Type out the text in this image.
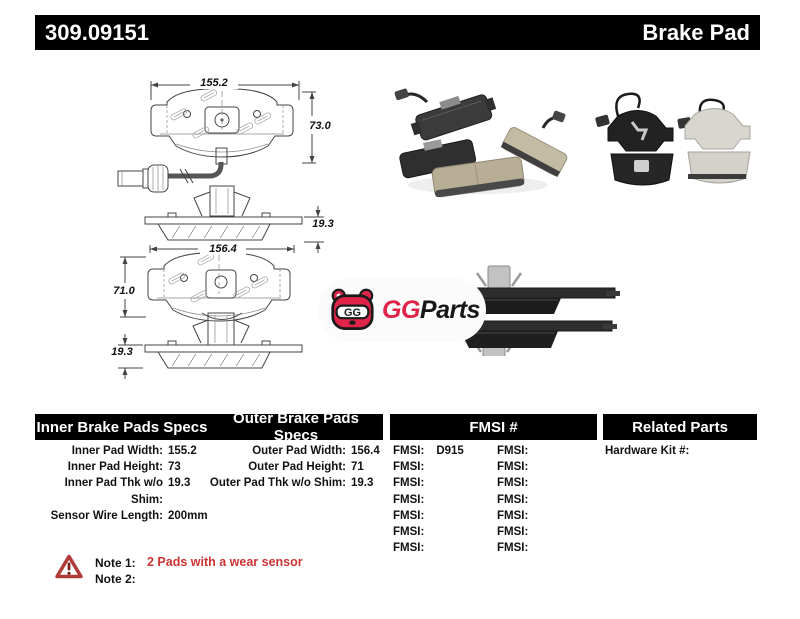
309.09151	Brake Pad
155.2
73.0
19.3
156.4
71.0
19.3
GG GG Parts
Inner Brake Pads Specs	Outer Brake Pads Specs	FMSI #	Related Parts
Inner Pad Width: 155.2
Inner Pad Height: 73
Inner Pad Thk w/o Shim:
19.3
Sensor Wire Length: 200mm
Outer Pad Width: 156.4
Outer Pad Height: 71
Outer Pad Thk w/o Shim: 19.3
FMSI: D915
FMSI:
FMSI:
FMSI:
FMSI:
FMSI:
FMSI:
FMSI:
FMSI:
FMSI:
FMSI:
FMSI:
FMSI:
FMSI:
Hardware Kit #:
Note 1: 2 Pads with a wear sensor
Note 2:
